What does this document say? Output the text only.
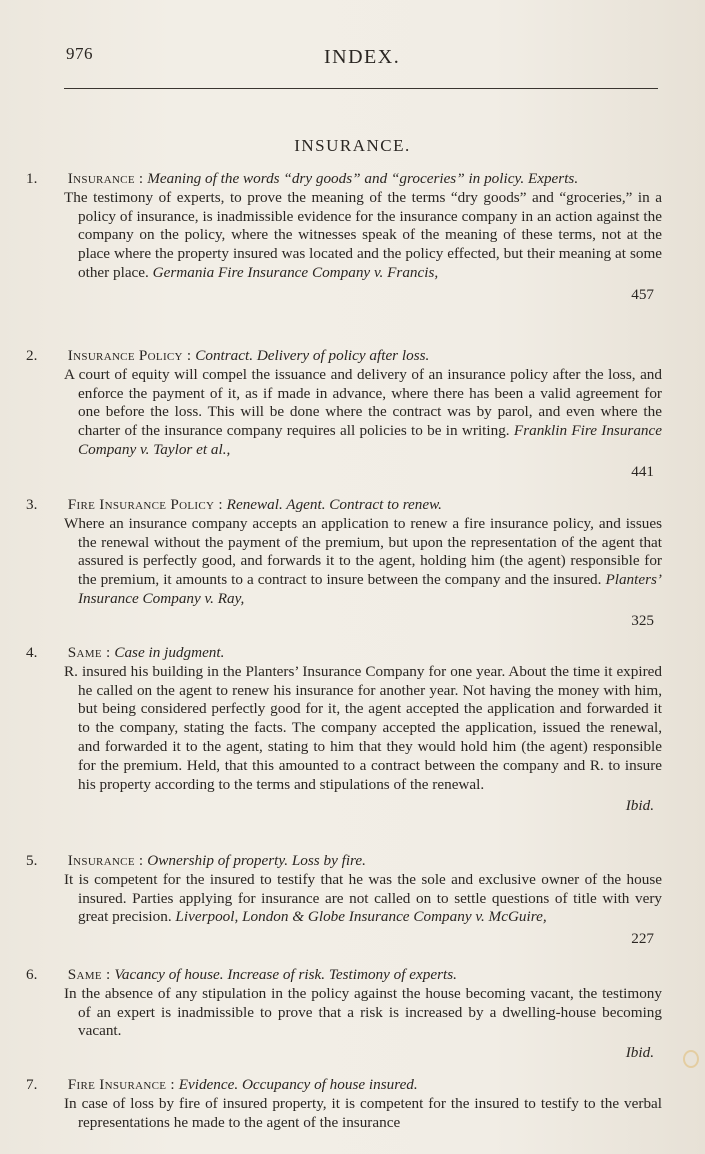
976	INDEX.
INSURANCE.
1. Insurance : Meaning of the words “dry goods” and “groceries” in policy. Experts.
The testimony of experts, to prove the meaning of the terms “dry goods” and “groceries,” in a policy of insurance, is inadmissible evidence for the insurance company in an action against the company on the policy, where the witnesses speak of the meaning of these terms, not at the place where the property insured was located and the policy effected, but their meaning at some other place. Germania Fire Insurance Company v. Francis,
457
2. Insurance Policy : Contract. Delivery of policy after loss.
A court of equity will compel the issuance and delivery of an insurance policy after the loss, and enforce the payment of it, as if made in advance, where there has been a valid agreement for one before the loss. This will be done where the contract was by parol, and even where the charter of the insurance company requires all policies to be in writing. Franklin Fire Insurance Company v. Taylor et al.,
441
3. Fire Insurance Policy : Renewal. Agent. Contract to renew.
Where an insurance company accepts an application to renew a fire insurance policy, and issues the renewal without the payment of the premium, but upon the representation of the agent that assured is perfectly good, and forwards it to the agent, holding him (the agent) responsible for the premium, it amounts to a contract to insure between the company and the insured. Planters’ Insurance Company v. Ray,
325
4. Same : Case in judgment.
R. insured his building in the Planters’ Insurance Company for one year. About the time it expired he called on the agent to renew his insurance for another year. Not having the money with him, but being considered perfectly good for it, the agent accepted the application and forwarded it to the company, stating the facts. The company accepted the application, issued the renewal, and forwarded it to the agent, stating to him that they would hold him (the agent) responsible for the premium. Held, that this amounted to a contract between the company and R. to insure his property according to the terms and stipulations of the renewal.
Ibid.
5. Insurance : Ownership of property. Loss by fire.
It is competent for the insured to testify that he was the sole and exclusive owner of the house insured. Parties applying for insurance are not called on to settle questions of title with very great precision. Liverpool, London & Globe Insurance Company v. McGuire,
227
6. Same : Vacancy of house. Increase of risk. Testimony of experts.
In the absence of any stipulation in the policy against the house becoming vacant, the testimony of an expert is inadmissible to prove that a risk is increased by a dwelling-house becoming vacant.
Ibid.
7. Fire Insurance : Evidence. Occupancy of house insured.
In case of loss by fire of insured property, it is competent for the insured to testify to the verbal representations he made to the agent of the insurance
